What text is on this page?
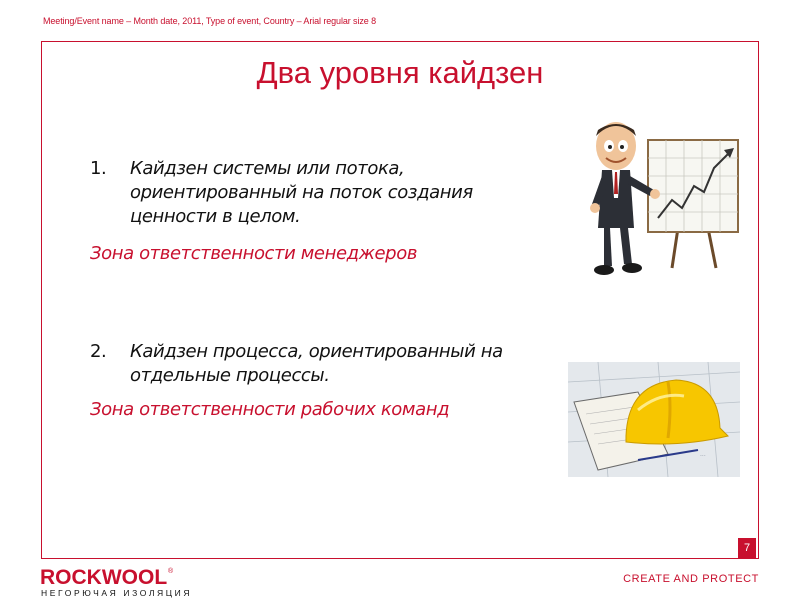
Meeting/Event name – Month date, 2011, Type of event, Country – Arial regular size 8
Два уровня кайдзен
1. Кайдзен системы или потока, ориентированный на поток создания ценности в целом.
Зона ответственности менеджеров
2. Кайдзен процесса, ориентированный на отдельные процессы.
Зона ответственности рабочих команд
···
7
ROCKWOOL ®
НЕГОРЮЧАЯ ИЗОЛЯЦИЯ
CREATE AND PROTECT
